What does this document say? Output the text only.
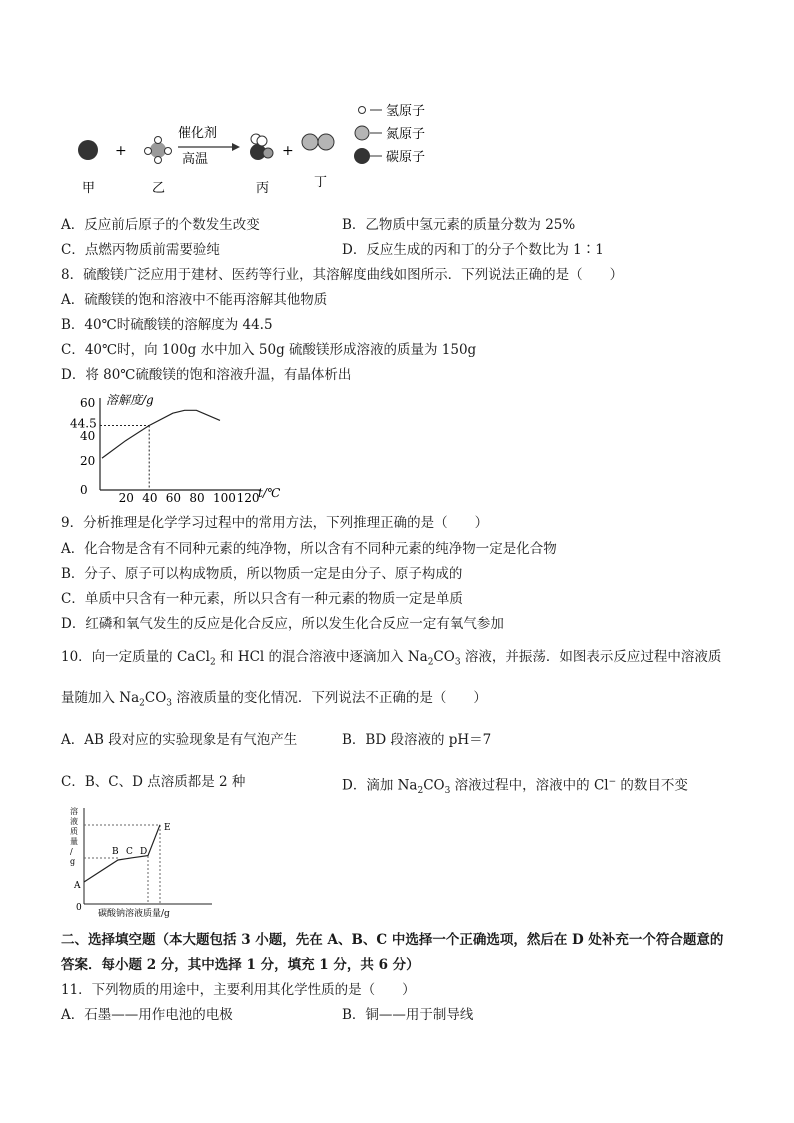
+
催化剂
高温
+
甲	乙	丙	丁
氢原子
氮原子
碳原子
A．反应前后原子的个数发生改变	B．乙物质中氢元素的质量分数为 25%
C．点燃丙物质前需要验纯	D．反应生成的丙和丁的分子个数比为 1∶1
8．硫酸镁广泛应用于建材、医药等行业，其溶解度曲线如图所示．下列说法正确的是（　　）
A．硫酸镁的饱和溶液中不能再溶解其他物质
B．40℃时硫酸镁的溶解度为 44.5
C．40℃时，向 100g 水中加入 50g 硫酸镁形成溶液的质量为 150g
D．将 80℃硫酸镁的饱和溶液升温，有晶体析出
溶解度/g
t/℃
0
20
40
44.5
60
20 40 60 80 100 120
9．分析推理是化学学习过程中的常用方法，下列推理正确的是（　　）
A．化合物是含有不同种元素的纯净物，所以含有不同种元素的纯净物一定是化合物
B．分子、原子可以构成物质，所以物质一定是由分子、原子构成的
C．单质中只含有一种元素，所以只含有一种元素的物质一定是单质
D．红磷和氧气发生的反应是化合反应，所以发生化合反应一定有氧气参加
10．向一定质量的 CaCl$_2$ 和 HCl 的混合溶液中逐滴加入 $Na_2CO_3$ 溶液，并振荡．如图表示反应过程中溶液质
量随加入 $Na_2CO_3$ 溶液质量的变化情况．下列说法不正确的是（　　）
A．AB 段对应的实验现象是有气泡产生	B．BD 段溶液的 pH＝7
C．B、C、D 点溶质都是 2 种	D．滴加 $Na_2CO_3$ 溶液过程中，溶液中的 Cl− 的数目不变
溶
液
质
量
/
g
碳酸钠溶液质量/g
A
B C D
E
0
二、选择填空题（本大题包括 3 小题，先在 A、B、C 中选择一个正确选项，然后在 D 处补充一个符合题意的
答案．每小题 2 分，其中选择 1 分，填充 1 分，共 6 分）
11．下列物质的用途中，主要利用其化学性质的是（　　）
A．石墨——用作电池的电极	B．铜——用于制导线
